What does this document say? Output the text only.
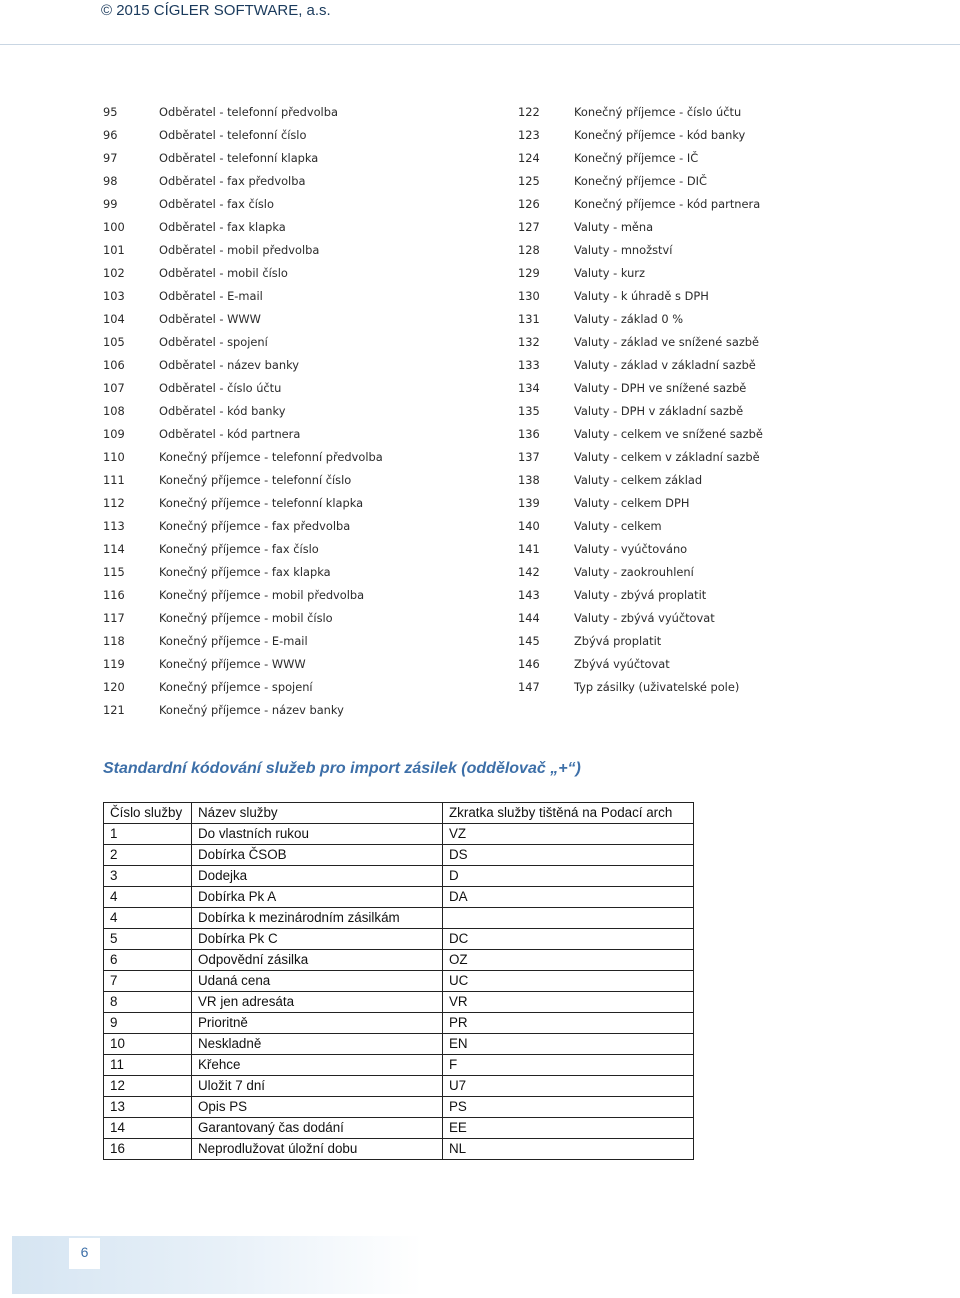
© 2015 CÍGLER SOFTWARE, a.s.
95	Odběratel - telefonní předvolba
96	Odběratel - telefonní číslo
97	Odběratel - telefonní klapka
98	Odběratel - fax předvolba
99	Odběratel - fax číslo
100	Odběratel - fax klapka
101	Odběratel - mobil předvolba
102	Odběratel - mobil číslo
103	Odběratel - E-mail
104	Odběratel - WWW
105	Odběratel - spojení
106	Odběratel - název banky
107	Odběratel - číslo účtu
108	Odběratel - kód banky
109	Odběratel - kód partnera
110	Konečný příjemce - telefonní předvolba
111	Konečný příjemce - telefonní číslo
112	Konečný příjemce - telefonní klapka
113	Konečný příjemce - fax předvolba
114	Konečný příjemce - fax číslo
115	Konečný příjemce - fax klapka
116	Konečný příjemce - mobil předvolba
117	Konečný příjemce - mobil číslo
118	Konečný příjemce - E-mail
119	Konečný příjemce - WWW
120	Konečný příjemce - spojení
121	Konečný příjemce - název banky
122	Konečný příjemce - číslo účtu
123	Konečný příjemce - kód banky
124	Konečný příjemce - IČ
125	Konečný příjemce - DIČ
126	Konečný příjemce - kód partnera
127	Valuty - měna
128	Valuty - množství
129	Valuty - kurz
130	Valuty - k úhradě s DPH
131	Valuty - základ 0 %
132	Valuty - základ ve snížené sazbě
133	Valuty - základ v základní sazbě
134	Valuty - DPH ve snížené sazbě
135	Valuty - DPH v základní sazbě
136	Valuty - celkem ve snížené sazbě
137	Valuty - celkem v základní sazbě
138	Valuty - celkem základ
139	Valuty - celkem DPH
140	Valuty - celkem
141	Valuty - vyúčtováno
142	Valuty - zaokrouhlení
143	Valuty - zbývá proplatit
144	Valuty - zbývá vyúčtovat
145	Zbývá proplatit
146	Zbývá vyúčtovat
147	Typ zásilky (uživatelské pole)
Standardní kódování služeb pro import zásilek (oddělovač „+“)
Číslo služby	Název služby	Zkratka služby tištěná na Podací arch
1	Do vlastních rukou	VZ
2	Dobírka ČSOB	DS
3	Dodejka	D
4	Dobírka Pk A	DA
4	Dobírka k mezinárodním zásilkám	
5	Dobírka Pk C	DC
6	Odpovědní zásilka	OZ
7	Udaná cena	UC
8	VR jen adresáta	VR
9	Prioritně	PR
10	Neskladně	EN
11	Křehce	F
12	Uložit 7 dní	U7
13	Opis PS	PS
14	Garantovaný čas dodání	EE
16	Neprodlužovat úložní dobu	NL
6
